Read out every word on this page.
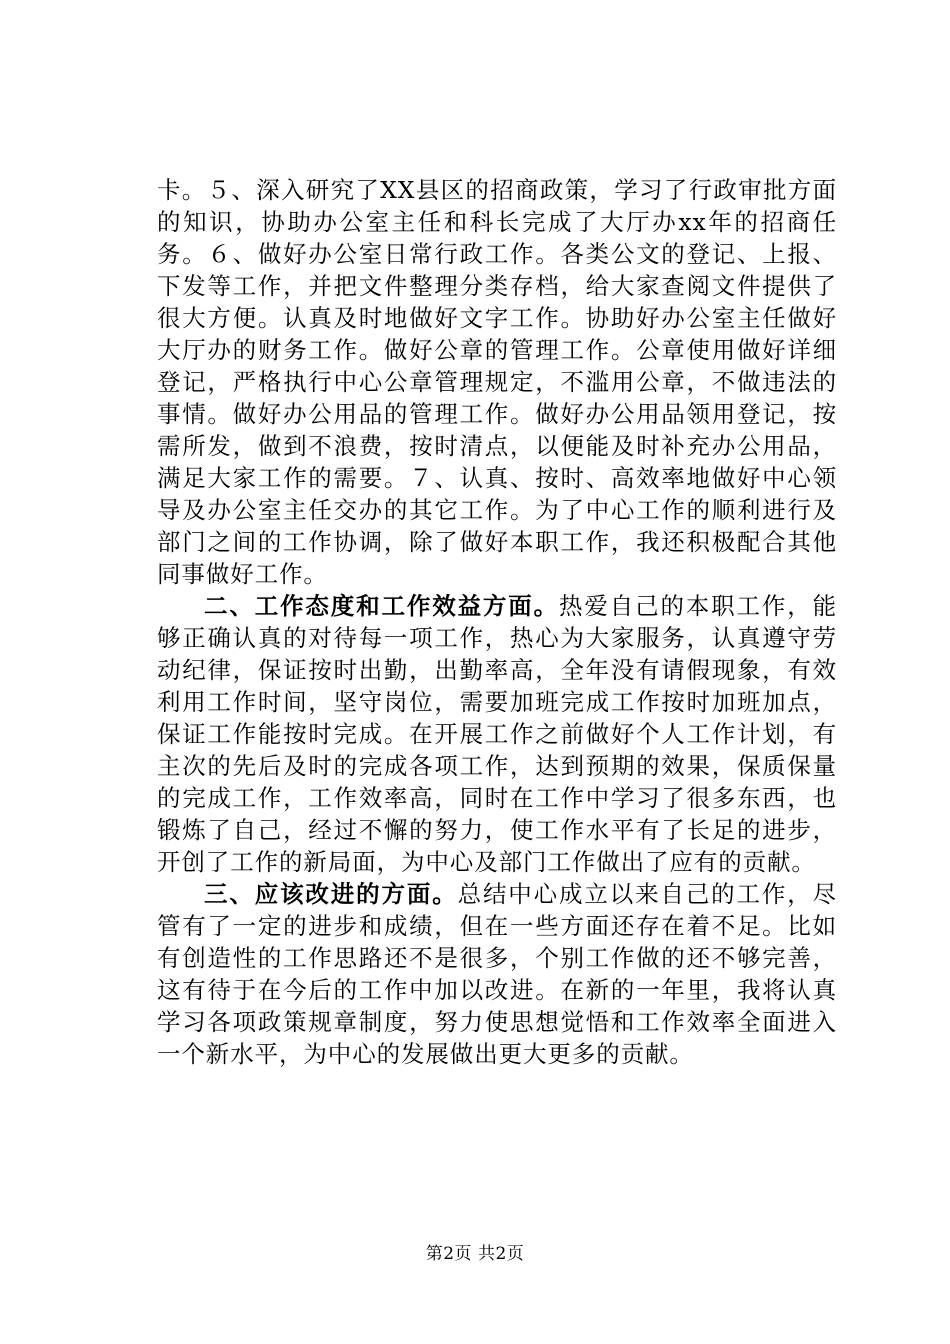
卡。５、深入研究了XX县区的招商政策，学习了行政审批方面的知识，协助办公室主任和科长完成了大厅办xx年的招商任务。６、做好办公室日常行政工作。各类公文的登记、上报、下发等工作，并把文件整理分类存档，给大家查阅文件提供了很大方便。认真及时地做好文字工作。协助好办公室主任做好大厅办的财务工作。做好公章的管理工作。公章使用做好详细登记，严格执行中心公章管理规定，不滥用公章，不做违法的事情。做好办公用品的管理工作。做好办公用品领用登记，按需所发，做到不浪费，按时清点，以便能及时补充办公用品，满足大家工作的需要。７、认真、按时、高效率地做好中心领导及办公室主任交办的其它工作。为了中心工作的顺利进行及部门之间的工作协调，除了做好本职工作，我还积极配合其他同事做好工作。

二、工作态度和工作效益方面。热爱自己的本职工作，能够正确认真的对待每一项工作，热心为大家服务，认真遵守劳动纪律，保证按时出勤，出勤率高，全年没有请假现象，有效利用工作时间，坚守岗位，需要加班完成工作按时加班加点，保证工作能按时完成。在开展工作之前做好个人工作计划，有主次的先后及时的完成各项工作，达到预期的效果，保质保量的完成工作，工作效率高，同时在工作中学习了很多东西，也锻炼了自己，经过不懈的努力，使工作水平有了长足的进步，开创了工作的新局面，为中心及部门工作做出了应有的贡献。

三、应该改进的方面。总结中心成立以来自己的工作，尽管有了一定的进步和成绩，但在一些方面还存在着不足。比如有创造性的工作思路还不是很多，个别工作做的还不够完善，这有待于在今后的工作中加以改进。在新的一年里，我将认真学习各项政策规章制度，努力使思想觉悟和工作效率全面进入一个新水平，为中心的发展做出更大更多的贡献。

第2页 共2页
